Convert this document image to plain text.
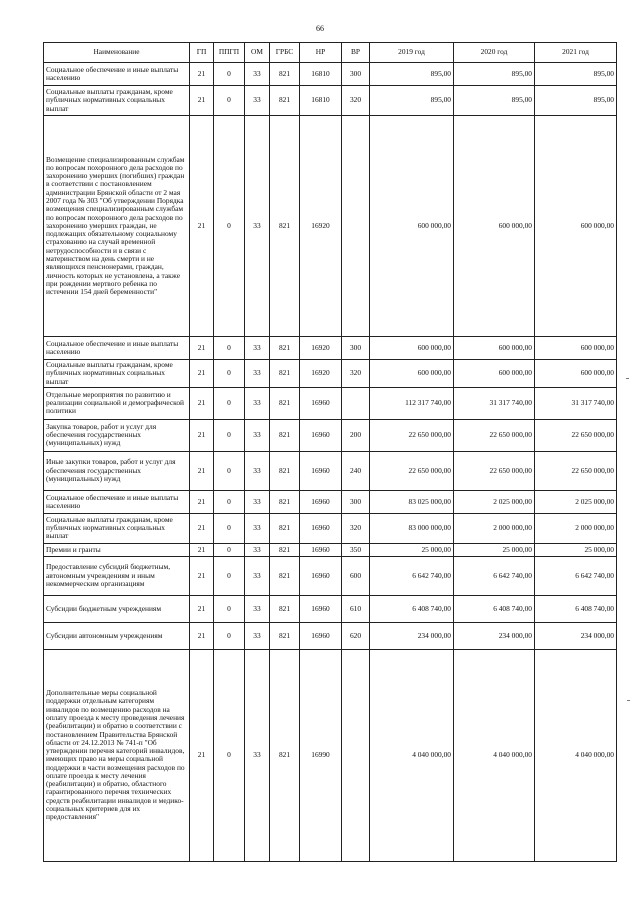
66
Наименование	ГП	ППГП	ОМ	ГРБС	НР	ВР	2019 год	2020 год	2021 год
Социальное обеспечение и иные выплаты населению	21	0	33	821	16810	300	895,00	895,00	895,00
Социальные выплаты гражданам, кроме публичных нормативных социальных выплат	21	0	33	821	16810	320	895,00	895,00	895,00
Возмещение специализированным службам по вопросам похоронного дела расходов по захоронению умерших (погибших) граждан в соответствии с постановлением администрации Брянской области от 2 мая 2007 года № 303 "Об утверждении Порядка возмещения специализированным службам по вопросам похоронного дела расходов по захоронению умерших граждан, не подлежащих обязательному социальному страхованию на случай временной нетрудоспособности и в связи с материнством на день смерти и не являющихся пенсионерами, граждан, личность которых не установлена, а также при рождении мертвого ребенка по истечении 154 дней беременности"	21	0	33	821	16920		600 000,00	600 000,00	600 000,00
Социальное обеспечение и иные выплаты населению	21	0	33	821	16920	300	600 000,00	600 000,00	600 000,00
Социальные выплаты гражданам, кроме публичных нормативных социальных выплат	21	0	33	821	16920	320	600 000,00	600 000,00	600 000,00
Отдельные мероприятия по развитию и реализации социальной и демографической политики	21	0	33	821	16960		112 317 740,00	31 317 740,00	31 317 740,00
Закупка товаров, работ и услуг для обеспечения государственных (муниципальных) нужд	21	0	33	821	16960	200	22 650 000,00	22 650 000,00	22 650 000,00
Иные закупки товаров, работ и услуг для обеспечения государственных (муниципальных) нужд	21	0	33	821	16960	240	22 650 000,00	22 650 000,00	22 650 000,00
Социальное обеспечение и иные выплаты населению	21	0	33	821	16960	300	83 025 000,00	2 025 000,00	2 025 000,00
Социальные выплаты гражданам, кроме публичных нормативных социальных выплат	21	0	33	821	16960	320	83 000 000,00	2 000 000,00	2 000 000,00
Премии и гранты	21	0	33	821	16960	350	25 000,00	25 000,00	25 000,00
Предоставление субсидий бюджетным, автономным учреждениям и иным некоммерческим организациям	21	0	33	821	16960	600	6 642 740,00	6 642 740,00	6 642 740,00
Субсидии бюджетным учреждениям	21	0	33	821	16960	610	6 408 740,00	6 408 740,00	6 408 740,00
Субсидии автономным учреждениям	21	0	33	821	16960	620	234 000,00	234 000,00	234 000,00
Дополнительные меры социальной поддержки отдельным категориям инвалидов по возмещению расходов на оплату проезда к месту проведения лечения (реабилитации) и обратно в соответствии с постановлением Правительства Брянской области от 24.12.2013 № 741-п "Об утверждении перечня категорий инвалидов, имеющих право на меры социальной поддержки в части возмещения расходов по оплате проезда к месту лечения (реабилитации) и обратно, областного гарантированного перечня технических средств реабилитации инвалидов и медико-социальных критериев для их предоставления"	21	0	33	821	16990		4 040 000,00	4 040 000,00	4 040 000,00
